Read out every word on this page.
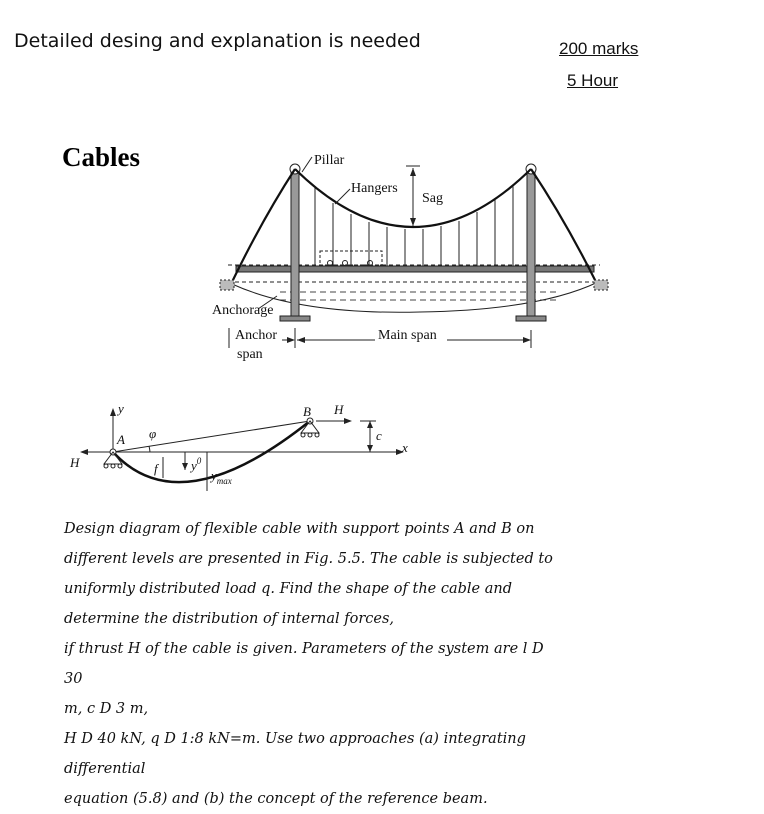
Detailed desing and explanation is needed	200 marks
5 Hour
Cables	Pillar
Hangers
Sag
Anchorage
Anchor
span
Main span
y
x
A
B
H
H
φ
f	$y^0$
$y_{max}$
c

Design diagram of flexible cable with support points A and B on

different levels are presented in Fig. 5.5. The cable is subjected to

uniformly distributed load q. Find the shape of the cable and

determine the distribution of internal forces,

if thrust H of the cable is given. Parameters of the system are l D 30

m, c D 3 m,

H D 40 kN, q D 1:8 kN=m. Use two approaches (a) integrating

differential

equation (5.8) and (b) the concept of the reference beam.
